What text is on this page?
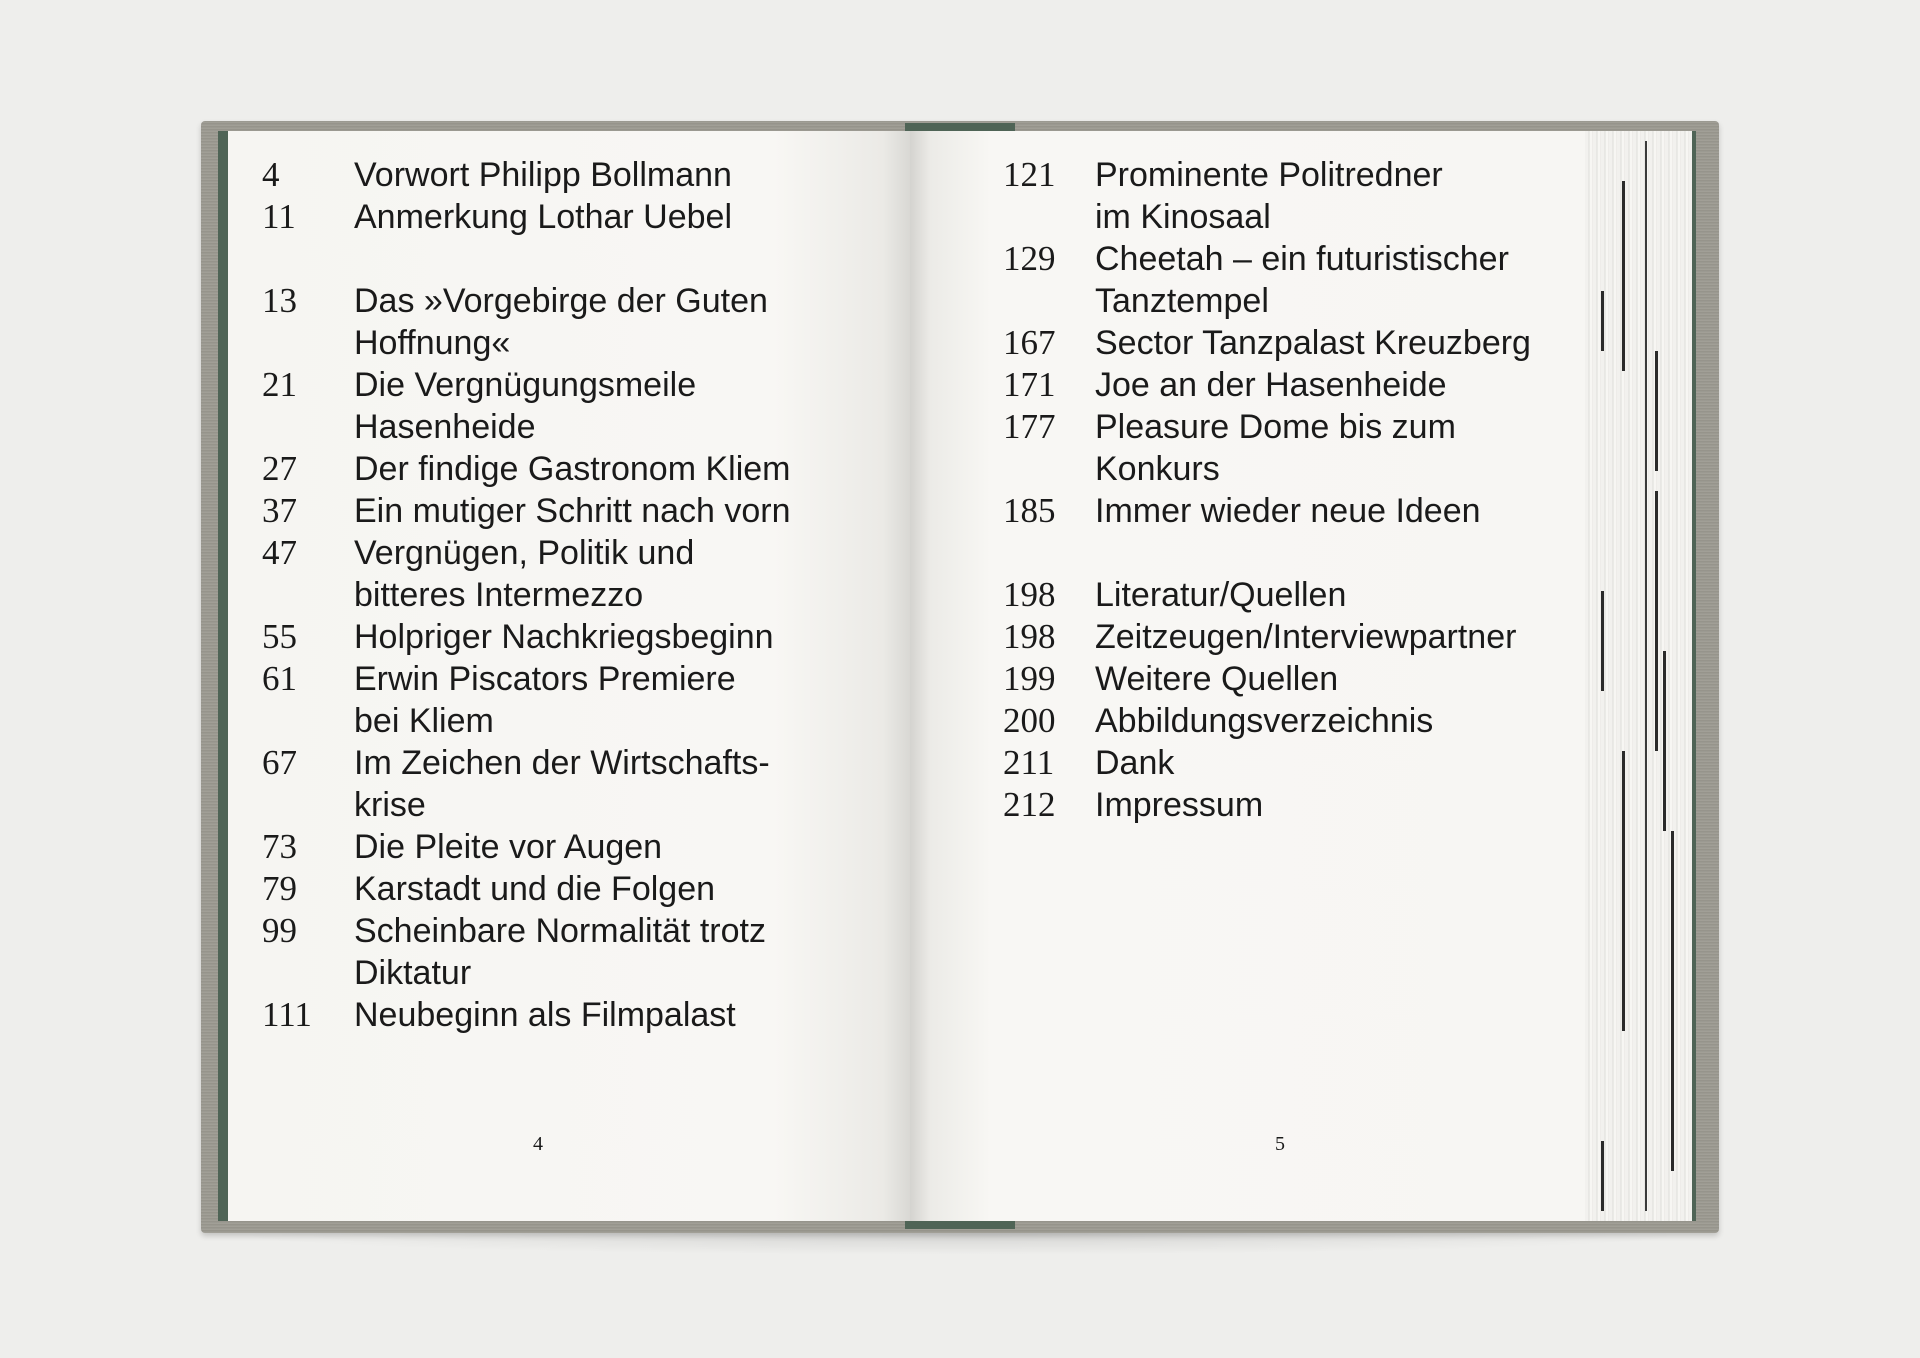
4	Vorwort Philipp Bollmann
11	Anmerkung Lothar Uebel
13	Das »Vorgebirge der Guten
Hoffnung«
21	Die Vergnügungsmeile
Hasenheide
27	Der findige Gastronom Kliem
37	Ein mutiger Schritt nach vorn
47	Vergnügen, Politik und
bitteres Intermezzo
55	Holpriger Nachkriegsbeginn
61	Erwin Piscators Premiere
bei Kliem
67	Im Zeichen der Wirtschafts-
krise
73	Die Pleite vor Augen
79	Karstadt und die Folgen
99	Scheinbare Normalität trotz
Diktatur
111	Neubeginn als Filmpalast
121	Prominente Politredner
im Kinosaal
129	Cheetah – ein futuristischer
Tanztempel
167	Sector Tanzpalast Kreuzberg
171	Joe an der Hasenheide
177	Pleasure Dome bis zum
Konkurs
185	Immer wieder neue Ideen
198	Literatur/Quellen
198	Zeitzeugen/Interviewpartner
199	Weitere Quellen
200	Abbildungsverzeichnis
211	Dank
212	Impressum
4	5
